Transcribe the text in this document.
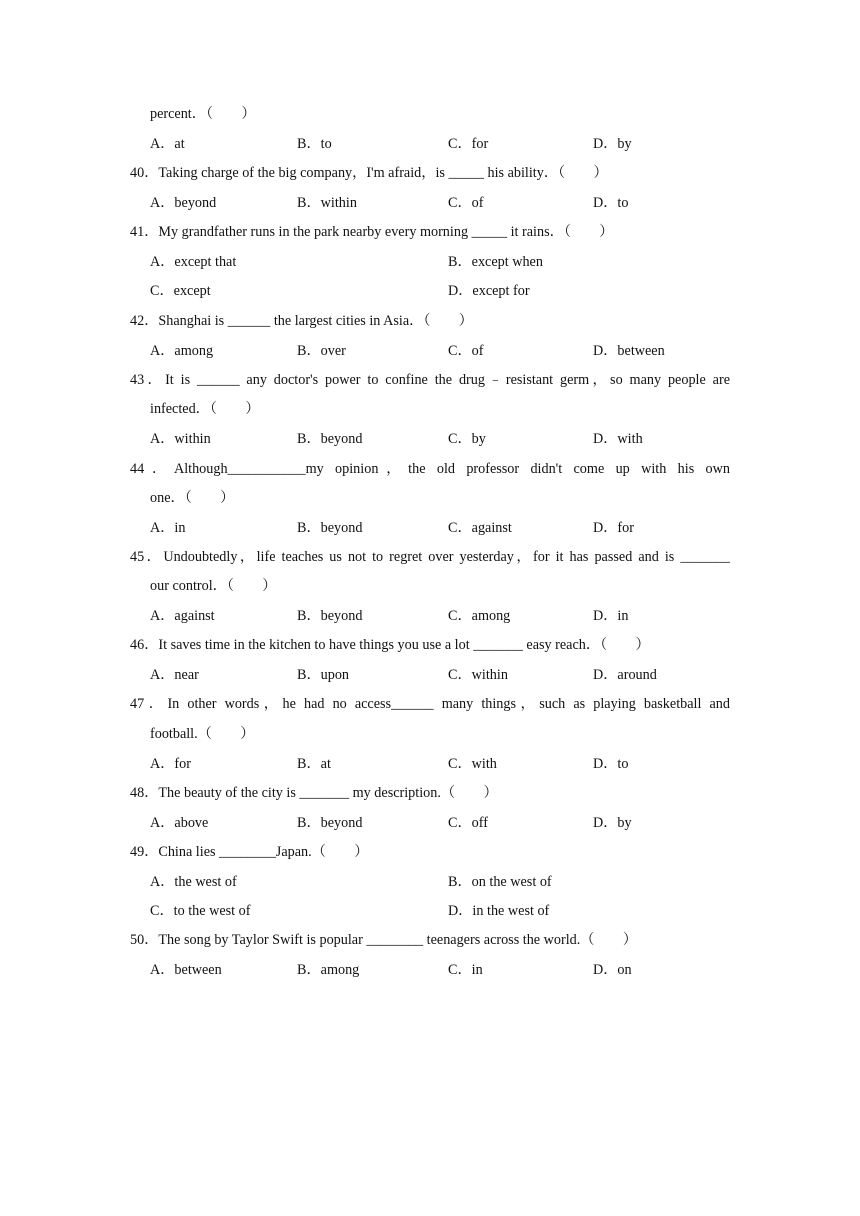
percent．（　　）
A．at	B．to	C．for	D．by
40．Taking charge of the big company，I'm afraid，is _____ his ability．（　　）
A．beyond	B．within	C．of	D．to
41．My grandfather runs in the park nearby every morning _____ it rains．（　　）
A．except that	B．except when
C．except	D．except for
42．Shanghai is ______ the largest cities in Asia．（　　）
A．among	B．over	C．of	D．between
43．It is ______ any doctor's power to confine the drug﹣resistant germ，so many people are
infected．（　　）
A．within	B．beyond	C．by	D．with
44．Although___________my opinion，the old professor didn't come up with his own
one．（　　）
A．in	B．beyond	C．against	D．for
45．Undoubtedly，life teaches us not to regret over yesterday，for it has passed and is _______
our control．（　　）
A．against	B．beyond	C．among	D．in
46．It saves time in the kitchen to have things you use a lot _______ easy reach．（　　）
A．near	B．upon	C．within	D．around
47．In other words，he had no access______ many things，such as playing basketball and
football.（　　）
A．for	B．at	C．with	D．to
48．The beauty of the city is _______ my description.（　　）
A．above	B．beyond	C．off	D．by
49．China lies ________Japan.（　　）
A．the west of	B．on the west of
C．to the west of	D．in the west of
50．The song by Taylor Swift is popular ________ teenagers across the world.（　　）
A．between	B．among	C．in	D．on
